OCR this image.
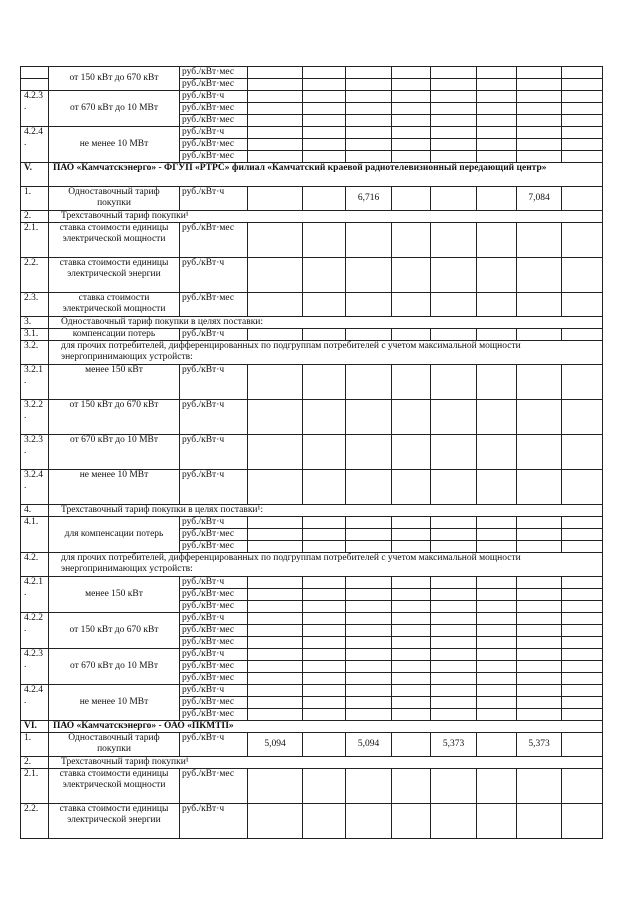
	от 150 кВт до 670 кВт	руб./кВт·мес								
		руб./кВт·мес								
4.2.3
.	от 670 кВт до 10 МВт	руб./кВт·ч								
		руб./кВт·мес								
		руб./кВт·мес								
4.2.4
.	не менее 10 МВт	руб./кВт·ч								
		руб./кВт·мес								
		руб./кВт·мес								
V.	ПАО «Камчатскэнерго» - ФГУП «РТРС» филиал «Камчатский краевой радиотелевизионный передающий центр»									
1.	Одноставочный тариф покупки	руб./кВт·ч			6,716				7,084	
2.	Трехставочный тариф покупки¹									
2.1.	ставка стоимости единицы электрической мощности	руб./кВт·мес								
2.2.	ставка стоимости единицы электрической энергии	руб./кВт·ч								
2.3.	ставка стоимости электрической мощности	руб./кВт·мес								
3.	Одноставочный тариф покупки в целях поставки:									
3.1.	компенсации потерь	руб./кВт·ч								
3.2.	для прочих потребителей, дифференцированных по подгруппам потребителей с учетом максимальной мощности энергопринимающих устройств:									
3.2.1
.	менее 150 кВт	руб./кВт·ч								
3.2.2
.	от 150 кВт до 670 кВт	руб./кВт·ч								
3.2.3
.	от 670 кВт до 10 МВт	руб./кВт·ч								
3.2.4
.	не менее 10 МВт	руб./кВт·ч								
4.	Трехставочный тариф покупки в целях поставки¹:									
4.1.	для компенсации потерь	руб./кВт·ч								
		руб./кВт·мес								
		руб./кВт·мес								
4.2.	для прочих потребителей, дифференцированных по подгруппам потребителей с учетом максимальной мощности энергопринимающих устройств:									
4.2.1
.	менее 150 кВт	руб./кВт·ч								
		руб./кВт·мес								
		руб./кВт·мес								
4.2.2
.	от 150 кВт до 670 кВт	руб./кВт·ч								
		руб./кВт·мес								
		руб./кВт·мес								
4.2.3
.	от 670 кВт до 10 МВт	руб./кВт·ч								
		руб./кВт·мес								
		руб./кВт·мес								
4.2.4
.	не менее 10 МВт	руб./кВт·ч								
		руб./кВт·мес								
		руб./кВт·мес								
VI.	ПАО «Камчатскэнерго» - ОАО «ПКМТП»									
1.	Одноставочный тариф покупки	руб./кВт·ч	5,094		5,094		5,373		5,373	
2.	Трехставочный тариф покупки¹									
2.1.	ставка стоимости единицы электрической мощности	руб./кВт·мес								
2.2.	ставка стоимости единицы электрической энергии	руб./кВт·ч								
